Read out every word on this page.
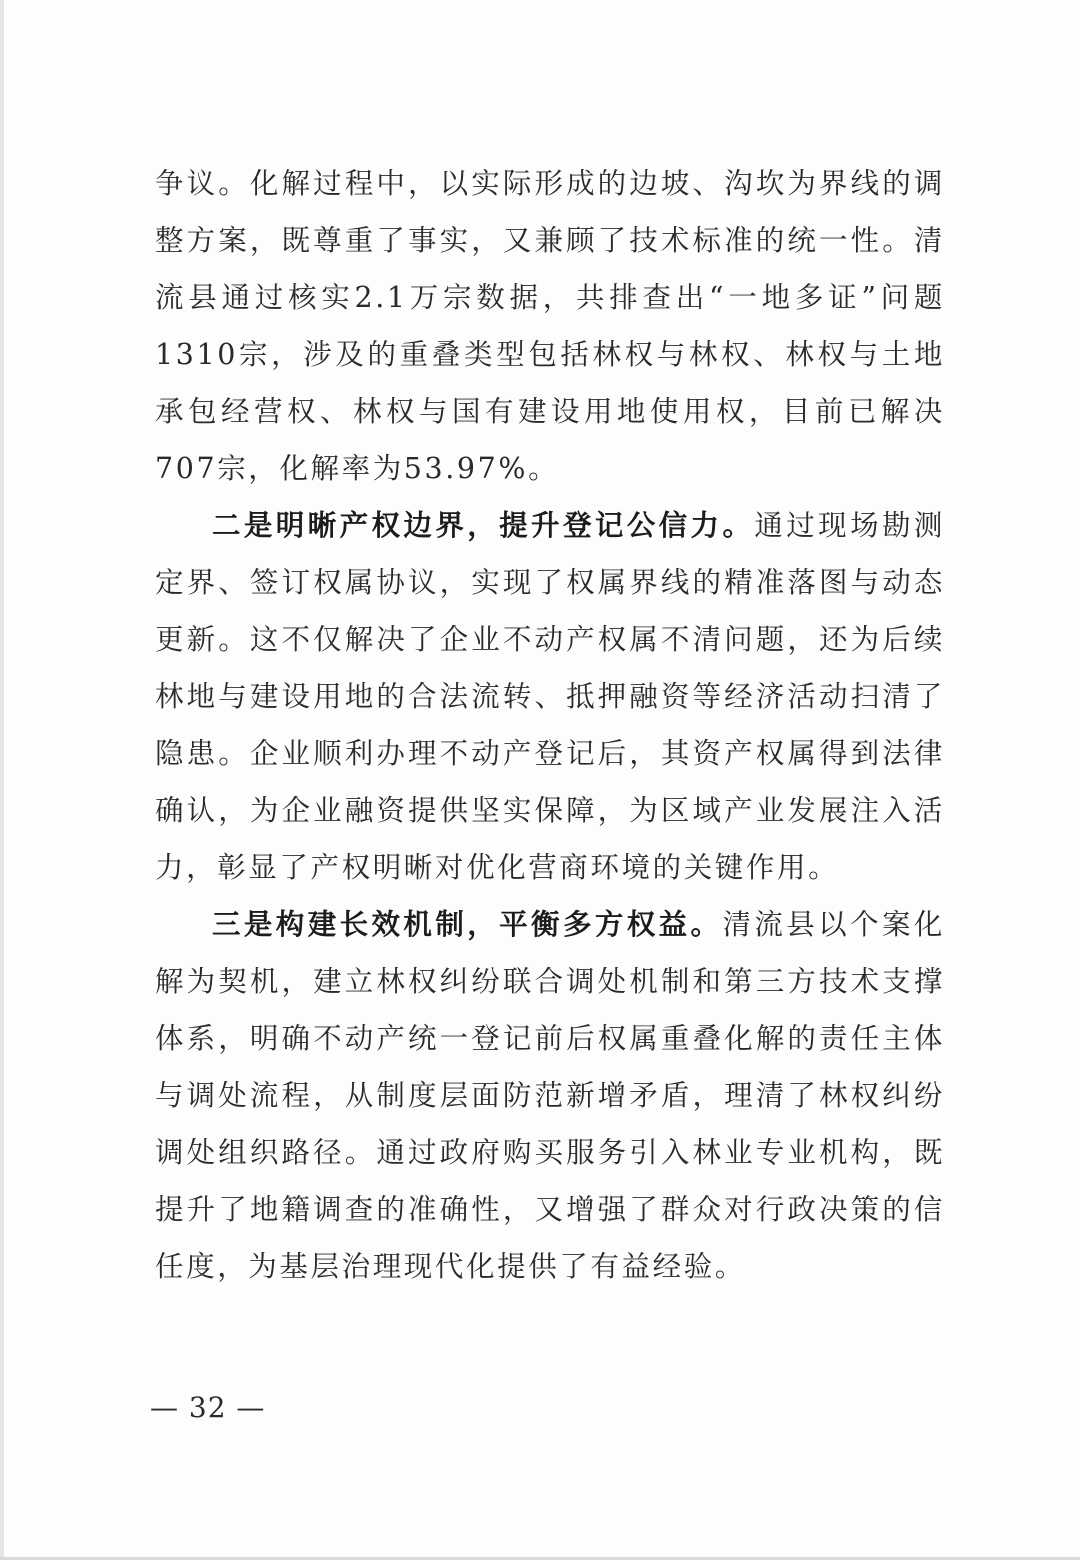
争议。化解过程中，以实际形成的边坡、沟坎为界线的调整方案，既尊重了事实，又兼顾了技术标准的统一性。清流县通过核实2.1万宗数据，共排查出“一地多证”问题1310宗，涉及的重叠类型包括林权与林权、林权与土地承包经营权、林权与国有建设用地使用权，目前已解决707宗，化解率为53.97%。

二是明晰产权边界，提升登记公信力。通过现场勘测定界、签订权属协议，实现了权属界线的精准落图与动态更新。这不仅解决了企业不动产权属不清问题，还为后续林地与建设用地的合法流转、抵押融资等经济活动扫清了隐患。企业顺利办理不动产登记后，其资产权属得到法律确认，为企业融资提供坚实保障，为区域产业发展注入活力，彰显了产权明晰对优化营商环境的关键作用。

三是构建长效机制，平衡多方权益。清流县以个案化解为契机，建立林权纠纷联合调处机制和第三方技术支撑体系，明确不动产统一登记前后权属重叠化解的责任主体与调处流程，从制度层面防范新增矛盾，理清了林权纠纷调处组织路径。通过政府购买服务引入林业专业机构，既提升了地籍调查的准确性，又增强了群众对行政决策的信任度，为基层治理现代化提供了有益经验。

— 32 —
